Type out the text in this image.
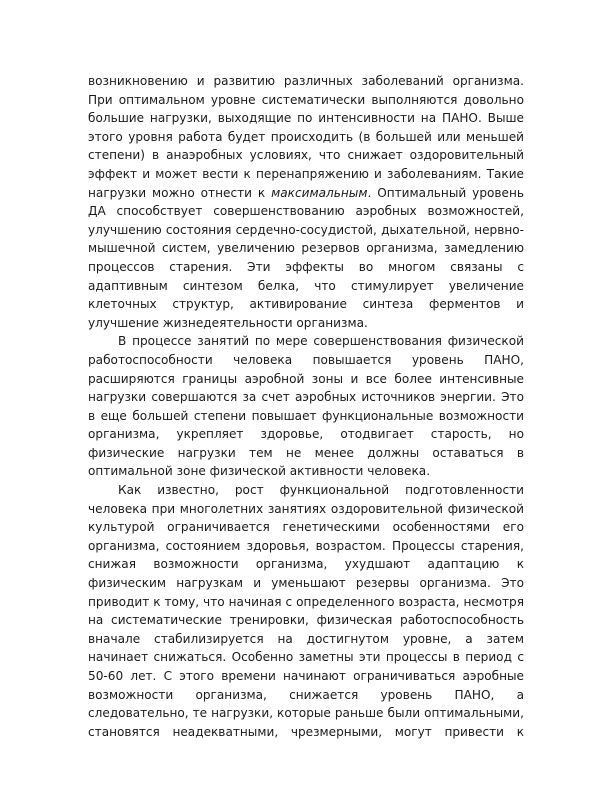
возникновению и развитию различных заболеваний организма.
При оптимальном уровне систематически выполняются довольно
большие нагрузки, выходящие по интенсивности на ПАНО. Выше
этого уровня работа будет происходить (в большей или меньшей
степени) в анаэробных условиях, что снижает оздоровительный
эффект и может вести к перенапряжению и заболеваниям. Такие
нагрузки можно отнести к максимальным. Оптимальный уровень
ДА способствует совершенствованию аэробных возможностей,
улучшению состояния сердечно-сосудистой, дыхательной, нервно-
мышечной систем, увеличению резервов организма, замедлению
процессов старения. Эти эффекты во многом связаны с
адаптивным синтезом белка, что стимулирует увеличение
клеточных структур, активирование синтеза ферментов и
улучшение жизнедеятельности организма.
В процессе занятий по мере совершенствования физической
работоспособности человека повышается уровень ПАНО,
расширяются границы аэробной зоны и все более интенсивные
нагрузки совершаются за счет аэробных источников энергии. Это
в еще большей степени повышает функциональные возможности
организма, укрепляет здоровье, отодвигает старость, но
физические нагрузки тем не менее должны оставаться в
оптимальной зоне физической активности человека.
Как известно, рост функциональной подготовленности
человека при многолетних занятиях оздоровительной физической
культурой ограничивается генетическими особенностями его
организма, состоянием здоровья, возрастом. Процессы старения,
снижая возможности организма, ухудшают адаптацию к
физическим нагрузкам и уменьшают резервы организма. Это
приводит к тому, что начиная с определенного возраста, несмотря
на систематические тренировки, физическая работоспособность
вначале стабилизируется на достигнутом уровне, а затем
начинает снижаться. Особенно заметны эти процессы в период с
50-60 лет. С этого времени начинают ограничиваться аэробные
возможности организма, снижается уровень ПАНО, а
следовательно, те нагрузки, которые раньше были оптимальными,
становятся неадекватными, чрезмерными, могут привести к
